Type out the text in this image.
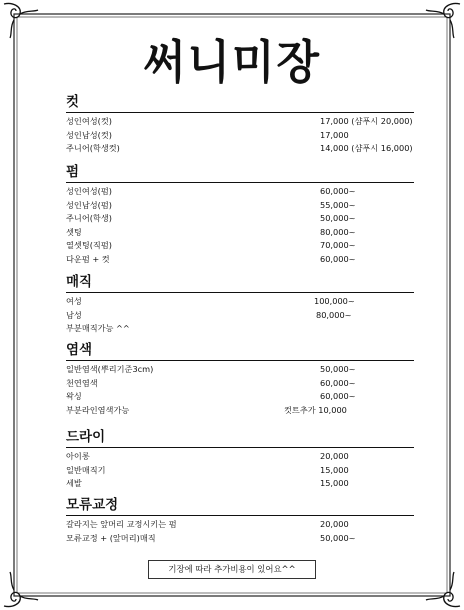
써니미장
컷
성인여성(컷)	17,000 (샴푸시 20,000)
성인남성(컷)	17,000
주니어(학생컷)	14,000 (샴푸시 16,000)
펌
성인여성(펌)	60,000~
성인남성(펌)	55,000~
주니어(학생)	50,000~
셋팅	80,000~
열셋팅(직펌)	70,000~
다운펌 + 컷	60,000~
매직
여성	100,000~
남성	80,000~
부분매직가능 ^^
염색
일반염색(뿌리기준3cm)	50,000~
천연염색	60,000~
왁싱	60,000~
부분라인염색가능	컷트추가 10,000
드라이
아이롱	20,000
일반매직기	15,000
세발	15,000
모류교정
갈라지는 앞머리 교정시키는 펌	20,000
모류교정 + (앞머리)매직	50,000~
기장에 따라 추가비용이 있어요^^
